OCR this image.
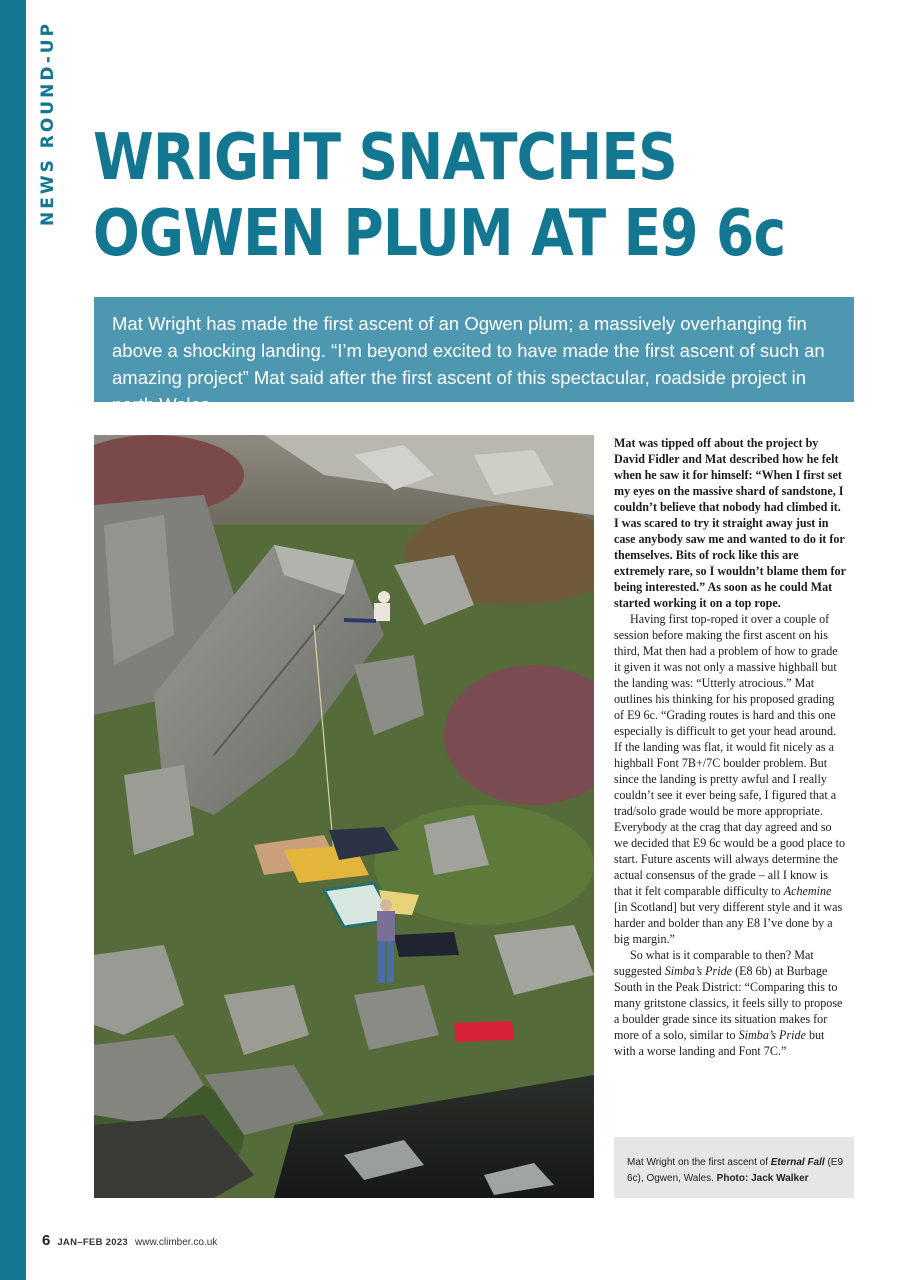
NEWS ROUND-UP WRIGHT SNATCHES
OGWEN PLUM AT E9 6c
Mat Wright has made the first ascent of an Ogwen plum; a massively overhanging fin above a shocking landing. “I’m beyond excited to have made the first ascent of such an amazing project” Mat said after the first ascent of this spectacular, roadside project in north Wales.

Mat was tipped off about the project by David Fidler and Mat described how he felt when he saw it for himself: “When I first set my eyes on the massive shard of sandstone, I couldn’t believe that nobody had climbed it. I was scared to try it straight away just in case anybody saw me and wanted to do it for themselves. Bits of rock like this are extremely rare, so I wouldn’t blame them for being interested.” As soon as he could Mat started working it on a top rope.

Having first top-roped it over a couple of session before making the first ascent on his third, Mat then had a problem of how to grade it given it was not only a massive highball but the landing was: “Utterly atrocious.” Mat outlines his thinking for his proposed grading of E9 6c. “Grading routes is hard and this one especially is difficult to get your head around. If the landing was flat, it would fit nicely as a highball Font 7B+/7C boulder problem. But since the landing is pretty awful and I really couldn’t see it ever being safe, I figured that a trad/solo grade would be more appropriate. Everybody at the crag that day agreed and so we decided that E9 6c would be a good place to start. Future ascents will always determine the actual consensus of the grade – all I know is that it felt comparable difficulty to Achemine [in Scotland] but very different style and it was harder and bolder than any E8 I’ve done by a big margin.”

So what is it comparable to then? Mat suggested Simba’s Pride (E8 6b) at Burbage South in the Peak District: “Comparing this to many gritstone classics, it feels silly to propose a boulder grade since its situation makes for more of a solo, similar to Simba’s Pride but with a worse landing and Font 7C.”

Mat Wright on the first ascent of Eternal Fall (E9 6c), Ogwen, Wales. Photo: Jack Walker
6 JAN–FEB 2023 www.climber.co.uk
